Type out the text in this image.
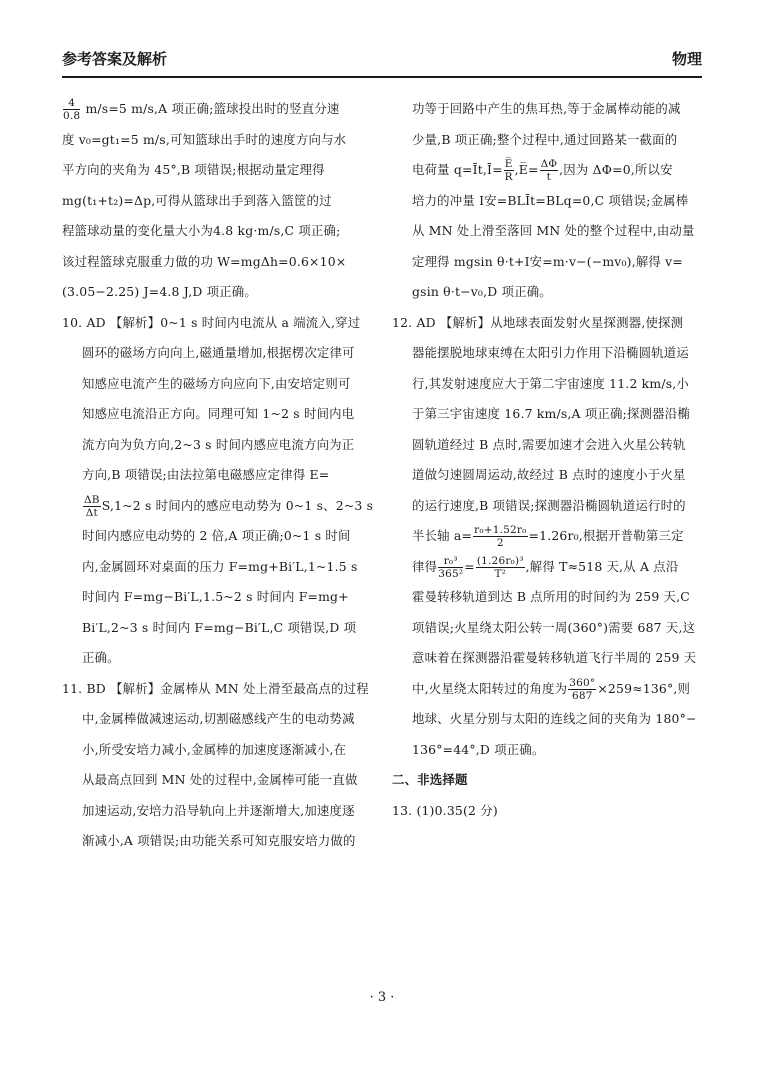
参考答案及解析	物理

$\frac{4}{0.8} m/s=5$ m/s,A 项正确;篮球投出时的竖直分速

度 v₀=gt₁=5 m/s,可知篮球出手时的速度方向与水

平方向的夹角为 45°,B 项错误;根据动量定理得

mg(t₁+t₂)=Δp,可得从篮球出手到落入篮筐的过

程篮球动量的变化量大小为4.8 kg·m/s,C 项正确;

该过程篮球克服重力做的功 W=mgΔh=0.6×10×

(3.05−2.25) J=4.8 J,D 项正确。

10. AD 【解析】0~1 s 时间内电流从 a 端流入,穿过

圆环的磁场方向向上,磁通量增加,根据楞次定律可

知感应电流产生的磁场方向应向下,由安培定则可

知感应电流沿正方向。同理可知 1~2 s 时间内电

流方向为负方向,2~3 s 时间内感应电流方向为正

方向,B 项错误;由法拉第电磁感应定律得 E=

$\frac{\Delta B}{\Delta t}$ S,1~2 s 时间内的感应电动势为 0~1 s、2~3 s

时间内感应电动势的 2 倍,A 项正确;0~1 s 时间

内,金属圆环对桌面的压力 F=mg+Bi′L,1~1.5 s

时间内 F=mg−Bi′L,1.5~2 s 时间内 F=mg+

Bi′L,2~3 s 时间内 F=mg−Bi′L,C 项错误,D 项

正确。

11. BD 【解析】金属棒从 MN 处上滑至最高点的过程

中,金属棒做减速运动,切割磁感线产生的电动势减

小,所受安培力减小,金属棒的加速度逐渐减小,在

从最高点回到 MN 处的过程中,金属棒可能一直做

加速运动,安培力沿导轨向上并逐渐增大,加速度逐

渐减小,A 项错误;由功能关系可知克服安培力做的

功等于回路中产生的焦耳热,等于金属棒动能的减

少量,B 项正确;整个过程中,通过回路某一截面的

电荷量 q=Īt,Ī= $\frac{E̅}{R}$ ,E̅= $\frac{\Delta\Phi}{t}$ ,因为 ΔΦ=0,所以安

培力的冲量 I安=BLĪt=BLq=0,C 项错误;金属棒

从 MN 处上滑至落回 MN 处的整个过程中,由动量

定理得 mgsin θ·t+I安=m·v−(−mv₀),解得 v=

gsin θ·t−v₀,D 项正确。

12. AD 【解析】从地球表面发射火星探测器,使探测

器能摆脱地球束缚在太阳引力作用下沿椭圆轨道运

行,其发射速度应大于第二宇宙速度 11.2 km/s,小

于第三宇宙速度 16.7 km/s,A 项正确;探测器沿椭

圆轨道经过 B 点时,需要加速才会进入火星公转轨

道做匀速圆周运动,故经过 B 点时的速度小于火星

的运行速度,B 项错误;探测器沿椭圆轨道运行时的

半长轴 $a= \frac{\text{r₀+1.52r₀}}{2} =1.26r_0$,根据开普勒第三定

律得 $\frac{\text{r₀³}}{\text{365²}} = \frac{\text{(1.26r₀)³}}{\text{T²}}$ ,解得 T≈518 天,从 A 点沿

霍曼转移轨道到达 B 点所用的时间约为 259 天,C

项错误;火星绕太阳公转一周(360°)需要 687 天,这

意味着在探测器沿霍曼转移轨道飞行半周的 259 天

中,火星绕太阳转过的角度为 $\frac{360^\circ}{687} \times 259\approx 136^\circ$,则

地球、火星分别与太阳的连线之间的夹角为 180°−

136°=44°,D 项正确。

二、非选择题

13. (1)0.35(2 分)

· 3 ·
